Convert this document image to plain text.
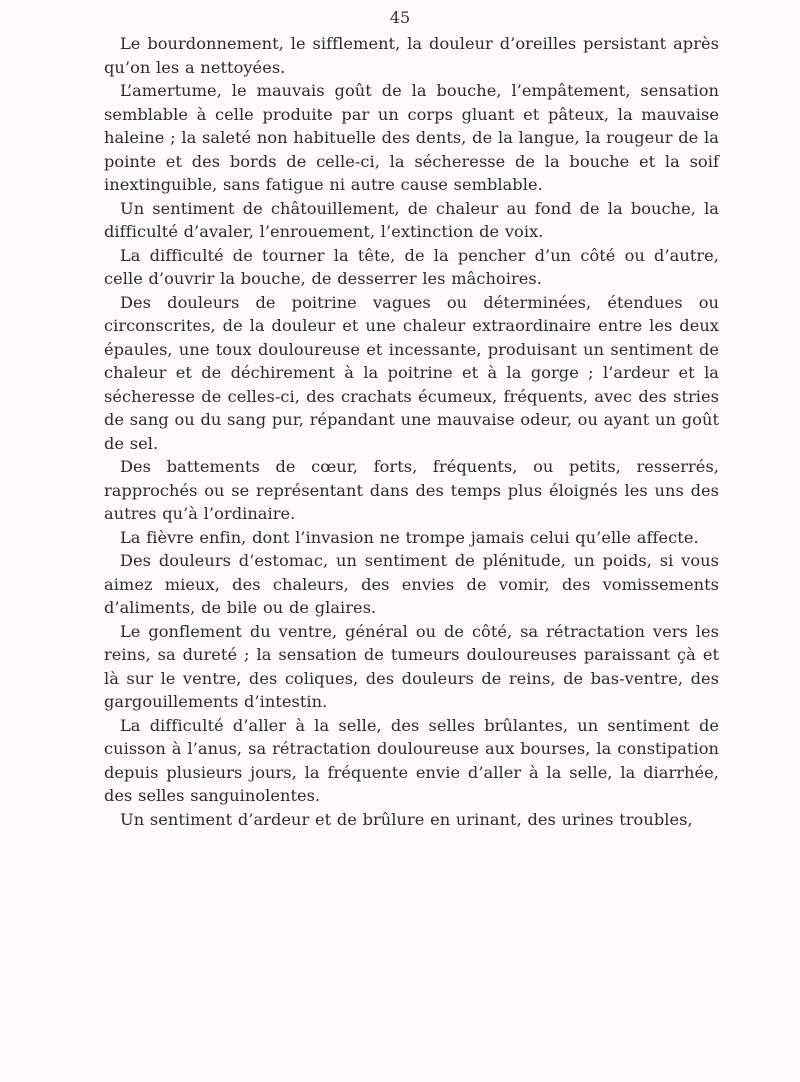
45

Le bourdonnement, le sifflement, la douleur d’oreilles persistant après qu’on les a nettoyées.

L’amertume, le mauvais goût de la bouche, l’empâtement, sensation semblable à celle produite par un corps gluant et pâteux, la mauvaise haleine ; la saleté non habituelle des dents, de la langue, la rougeur de la pointe et des bords de celle-ci, la sécheresse de la bouche et la soif inextinguible, sans fatigue ni autre cause semblable.

Un sentiment de châtouillement, de chaleur au fond de la bouche, la difficulté d’avaler, l’enrouement, l’extinction de voix.

La difficulté de tourner la tête, de la pencher d’un côté ou d’autre, celle d’ouvrir la bouche, de desserrer les mâchoires.

Des douleurs de poitrine vagues ou déterminées, étendues ou circonscrites, de la douleur et une chaleur extraordinaire entre les deux épaules, une toux douloureuse et incessante, produisant un sentiment de chaleur et de déchirement à la poitrine et à la gorge ; l’ardeur et la sécheresse de celles-ci, des crachats écumeux, fréquents, avec des stries de sang ou du sang pur, répandant une mauvaise odeur, ou ayant un goût de sel.

Des battements de cœur, forts, fréquents, ou petits, resserrés, rapprochés ou se représentant dans des temps plus éloignés les uns des autres qu’à l’ordinaire.

La fièvre enfin, dont l’invasion ne trompe jamais celui qu’elle affecte.

Des douleurs d’estomac, un sentiment de plénitude, un poids, si vous aimez mieux, des chaleurs, des envies de vomir, des vomissements d’aliments, de bile ou de glaires.

Le gonflement du ventre, général ou de côté, sa rétractation vers les reins, sa dureté ; la sensation de tumeurs douloureuses paraissant çà et là sur le ventre, des coliques, des douleurs de reins, de bas-ventre, des gargouillements d’intestin.

La difficulté d’aller à la selle, des selles brûlantes, un sentiment de cuisson à l’anus, sa rétractation douloureuse aux bourses, la constipation depuis plusieurs jours, la fréquente envie d’aller à la selle, la diarrhée, des selles sanguinolentes.

Un sentiment d’ardeur et de brûlure en urinant, des urines troubles,
